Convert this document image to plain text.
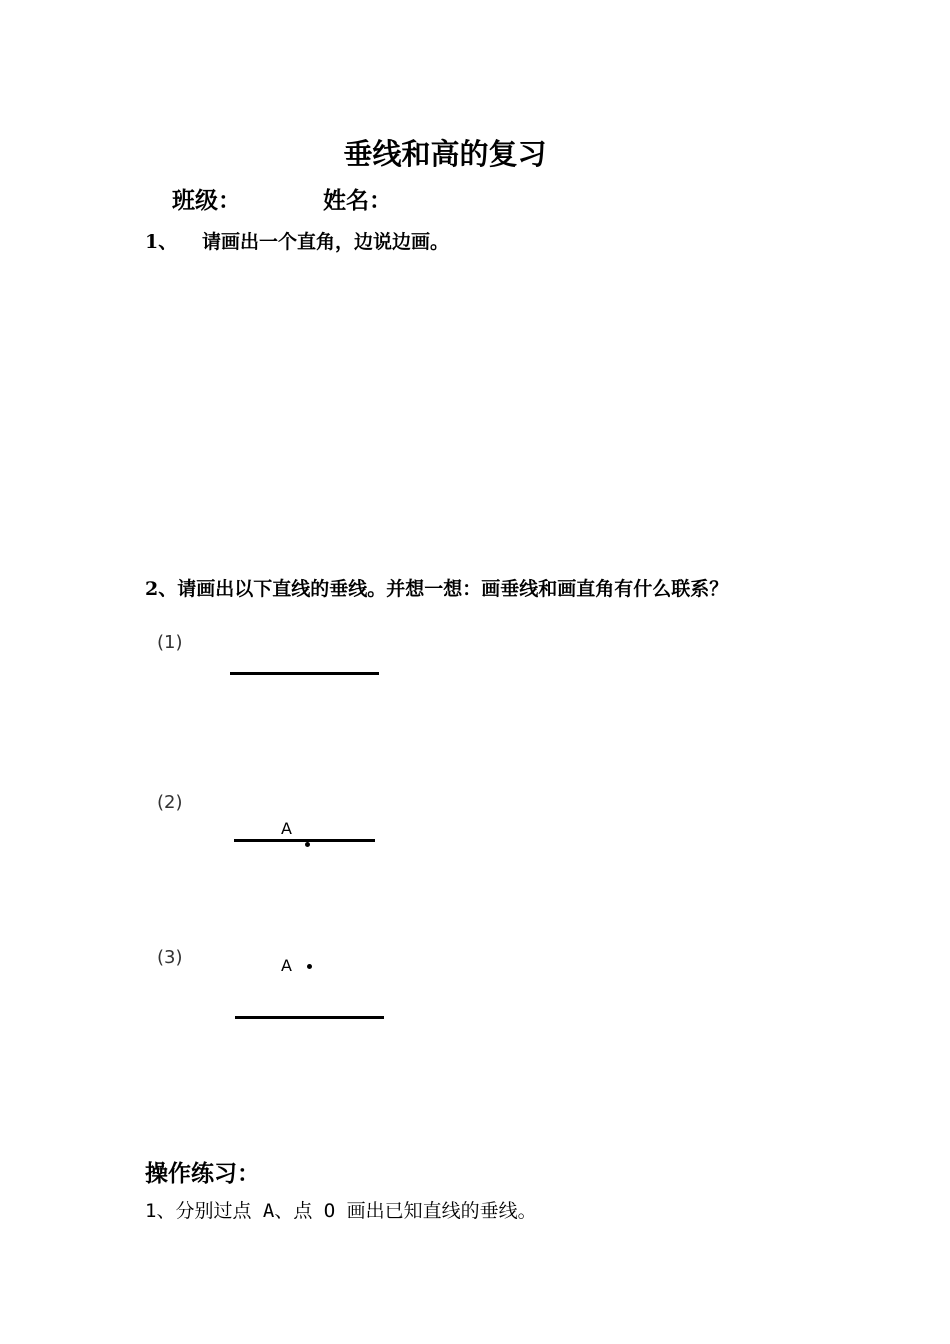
垂线和高的复习
班级：	姓名：
1、 请画出一个直角，边说边画。
2、请画出以下直线的垂线。并想一想：画垂线和画直角有什么联系？
(1)
(2)
A
(3)	A
操作练习：
1、分别过点 A、点 O 画出已知直线的垂线。
